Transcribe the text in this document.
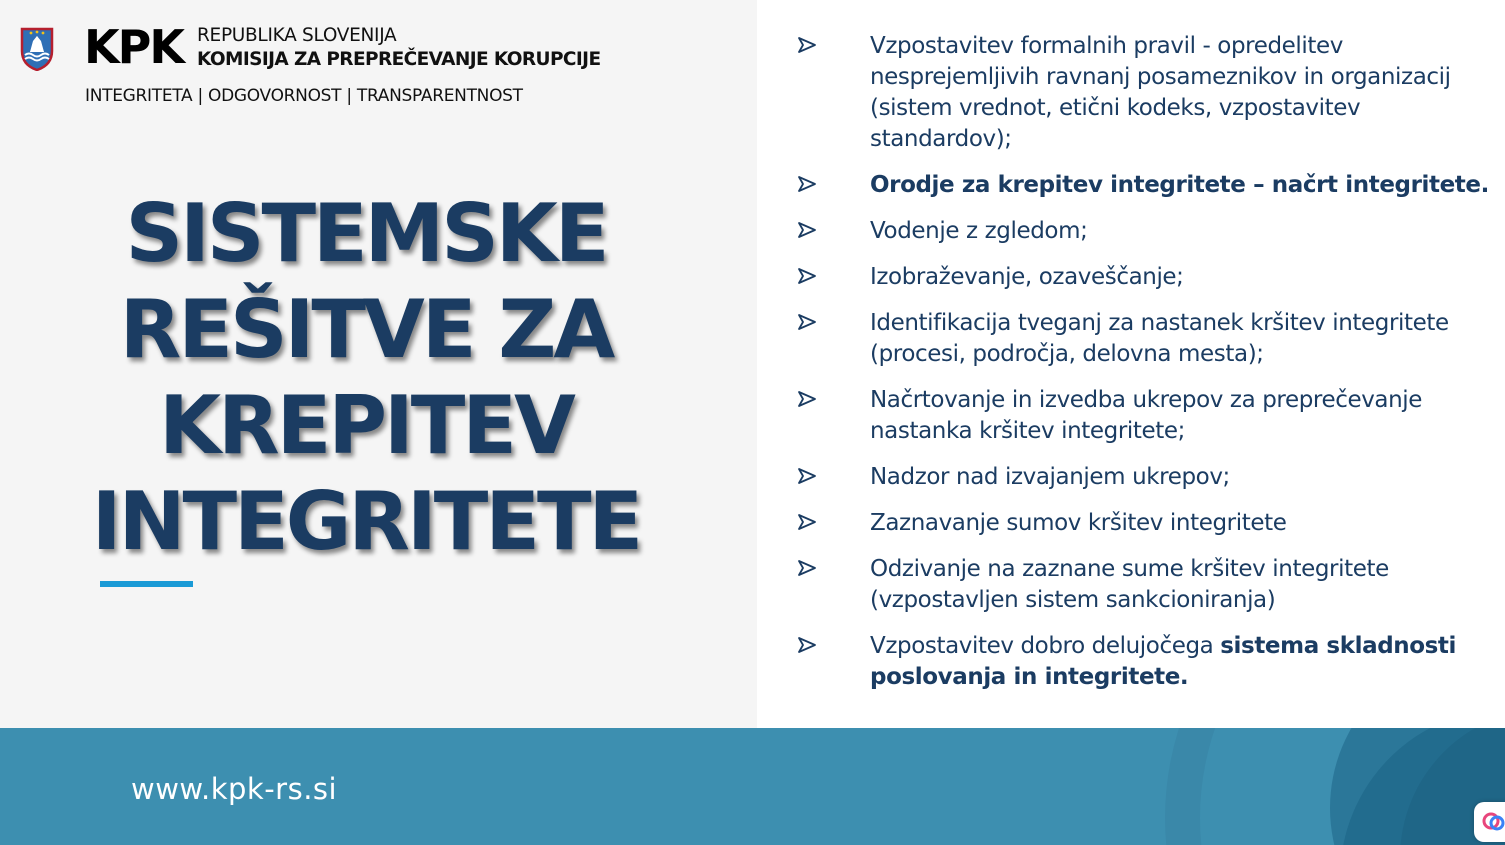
KPK REPUBLIKA SLOVENIJA
KOMISIJA ZA PREPREČEVANJE KORUPCIJE
INTEGRITETA | ODGOVORNOST | TRANSPARENTNOST
SISTEMSKE
REŠITVE ZA
KREPITEV
INTEGRITETE
Vzpostavitev formalnih pravil - opredelitev nesprejemljivih ravnanj posameznikov in organizacij (sistem vrednot, etični kodeks, vzpostavitev standardov);
Orodje za krepitev integritete – načrt integritete.
Vodenje z zgledom;
Izobraževanje, ozaveščanje;
Identifikacija tveganj za nastanek kršitev integritete (procesi, področja, delovna mesta);
Načrtovanje in izvedba ukrepov za preprečevanje nastanka kršitev integritete;
Nadzor nad izvajanjem ukrepov;
Zaznavanje sumov kršitev integritete
Odzivanje na zaznane sume kršitev integritete (vzpostavljen sistem sankcioniranja)
Vzpostavitev dobro delujočega sistema skladnosti poslovanja in integritete.
www.kpk-rs.si
